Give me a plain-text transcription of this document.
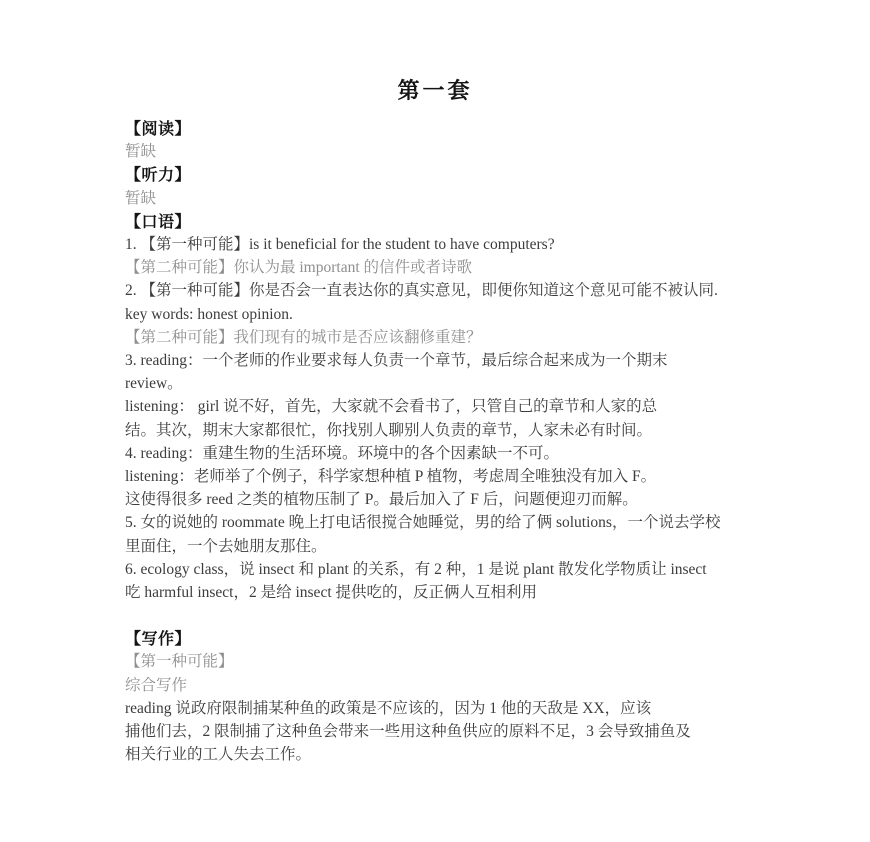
第一套

【阅读】

暂缺

【听力】

暂缺

【口语】

1. 【第一种可能】is it beneficial for the student to have computers?

【第二种可能】你认为最 important 的信件或者诗歌

2. 【第一种可能】你是否会一直表达你的真实意见，即便你知道这个意见可能不被认同.

key words: honest opinion.

【第二种可能】我们现有的城市是否应该翻修重建？

3. reading：一个老师的作业要求每人负责一个章节，最后综合起来成为一个期末

review。

listening： girl 说不好，首先，大家就不会看书了，只管自己的章节和人家的总

结。其次，期末大家都很忙，你找别人聊别人负责的章节，人家未必有时间。

4. reading：重建生物的生活环境。环境中的各个因素缺一不可。

listening：老师举了个例子，科学家想种植 P 植物，考虑周全唯独没有加入 F。

这使得很多 reed 之类的植物压制了 P。最后加入了 F 后，问题便迎刃而解。

5. 女的说她的 roommate 晚上打电话很搅合她睡觉，男的给了俩 solutions，一个说去学校

里面住，一个去她朋友那住。

6. ecology class，说 insect 和 plant 的关系，有 2 种，1 是说 plant 散发化学物质让 insect

吃 harmful insect，2 是给 insect 提供吃的，反正俩人互相利用

【写作】

【第一种可能】

综合写作

reading 说政府限制捕某种鱼的政策是不应该的，因为 1 他的天敌是 XX，应该

捕他们去，2 限制捕了这种鱼会带来一些用这种鱼供应的原料不足，3 会导致捕鱼及

相关行业的工人失去工作。
